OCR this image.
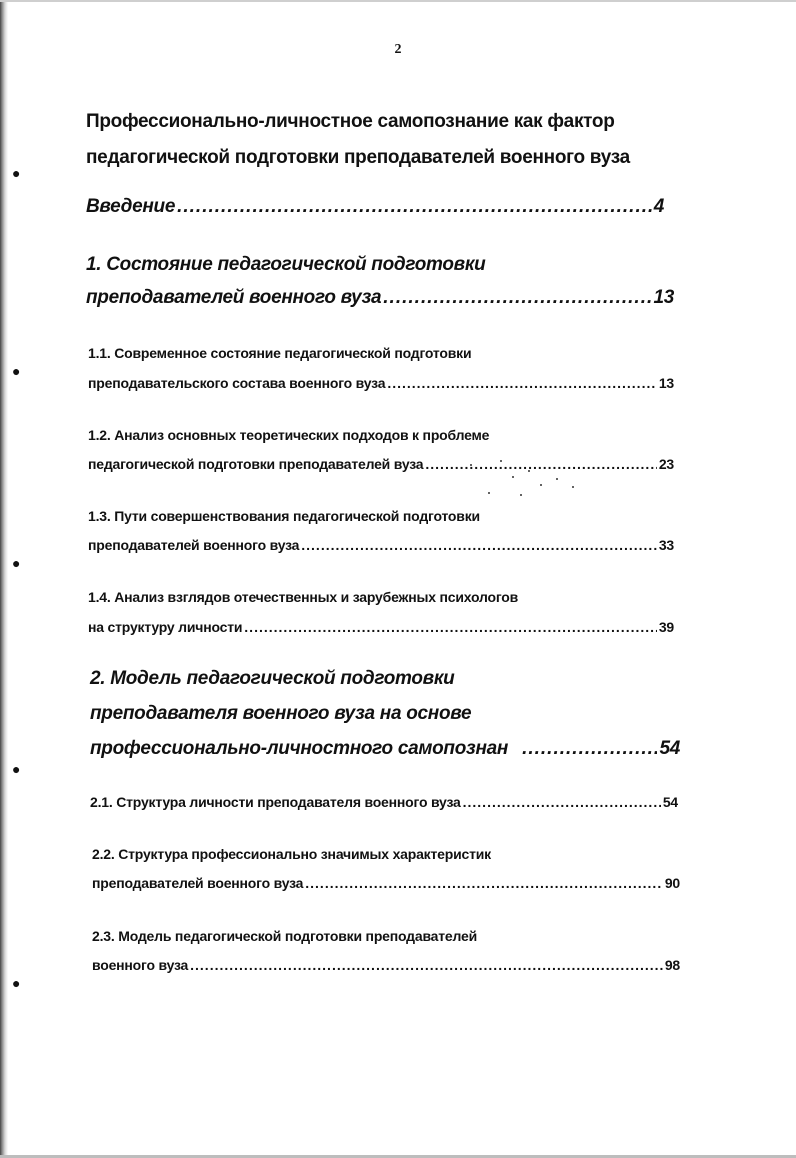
●
●
●
●
●
2
Профессионально-личностное самопознание как фактор
педагогической подготовки преподавателей военного вуза
Введение .....	4
1. Состояние педагогической подготовки
преподавателей военного вуза .....	13
1.1. Современное состояние педагогической подготовки
преподавательского состава военного вуза .....	13
1.2. Анализ основных теоретических подходов к проблеме
педагогической подготовки преподавателей вуза .....	23
1.3. Пути совершенствования педагогической подготовки
преподавателей военного вуза .....	33
1.4. Анализ взглядов отечественных и зарубежных психологов
на структуру личности .....	39
2. Модель педагогической подготовки
преподавателя военного вуза на основе
профессионально-личностного самопознан .....	54
2.1. Структура личности преподавателя военного вуза .....	54
2.2. Структура профессионально значимых характеристик
преподавателей военного вуза .....	90
2.3. Модель педагогической подготовки преподавателей
военного вуза .....	98
